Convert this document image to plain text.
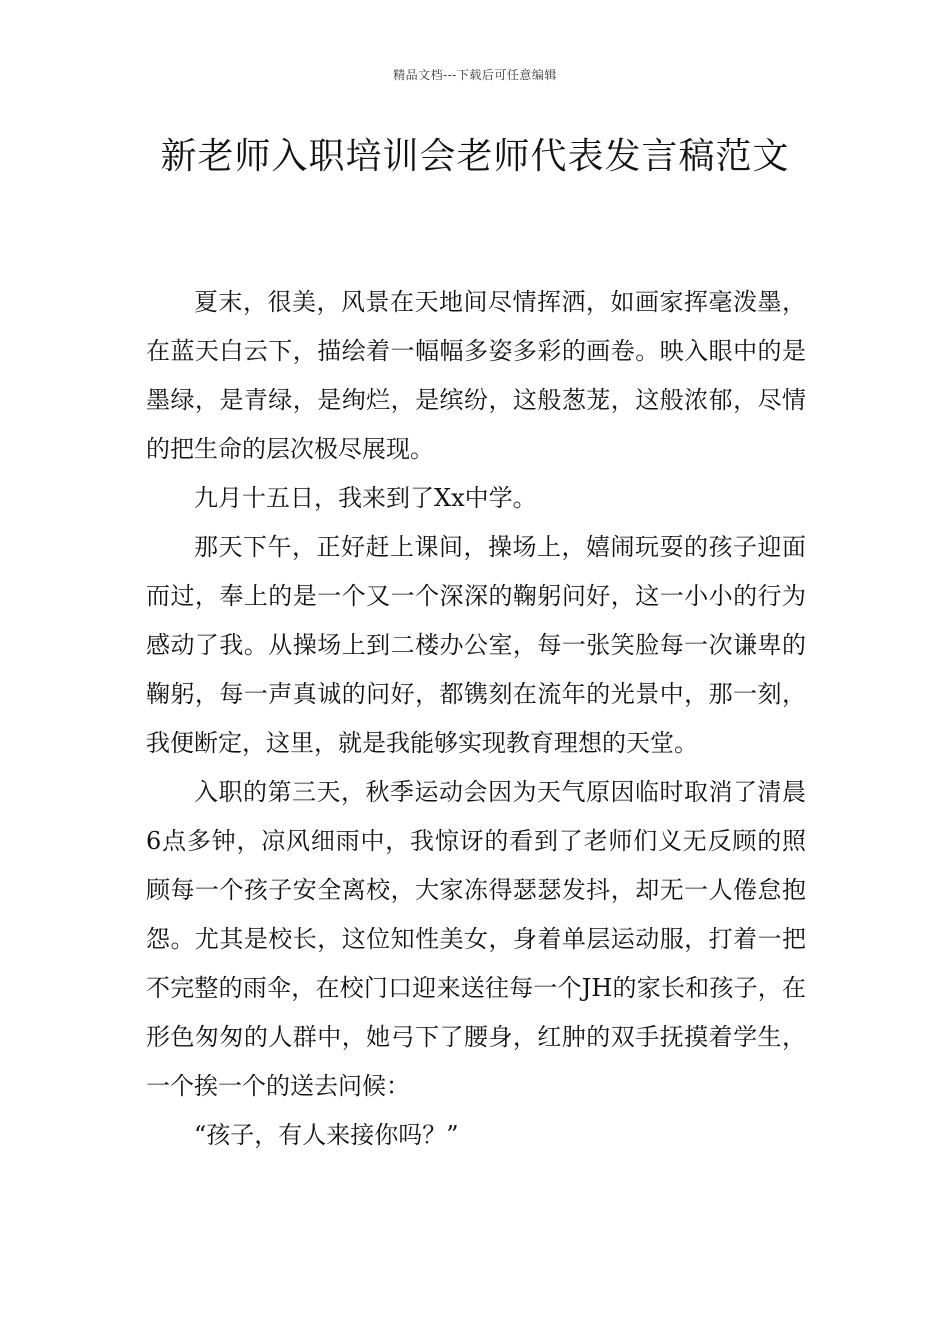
精品文档---下载后可任意编辑
新老师入职培训会老师代表发言稿范文

夏末，很美，风景在天地间尽情挥洒，如画家挥毫泼墨，在蓝天白云下，描绘着一幅幅多姿多彩的画卷。映入眼中的是墨绿，是青绿，是绚烂，是缤纷，这般葱茏，这般浓郁，尽情的把生命的层次极尽展现。

九月十五日，我来到了Xx中学。

那天下午，正好赶上课间，操场上，嬉闹玩耍的孩子迎面而过，奉上的是一个又一个深深的鞠躬问好，这一小小的行为感动了我。从操场上到二楼办公室，每一张笑脸每一次谦卑的鞠躬，每一声真诚的问好，都镌刻在流年的光景中，那一刻，我便断定，这里，就是我能够实现教育理想的天堂。

入职的第三天，秋季运动会因为天气原因临时取消了清晨6点多钟，凉风细雨中，我惊讶的看到了老师们义无反顾的照顾每一个孩子安全离校，大家冻得瑟瑟发抖，却无一人倦怠抱怨。尤其是校长，这位知性美女，身着单层运动服，打着一把不完整的雨伞，在校门口迎来送往每一个JH的家长和孩子，在形色匆匆的人群中，她弓下了腰身，红肿的双手抚摸着学生，一个挨一个的送去问候：

“孩子，有人来接你吗？”
